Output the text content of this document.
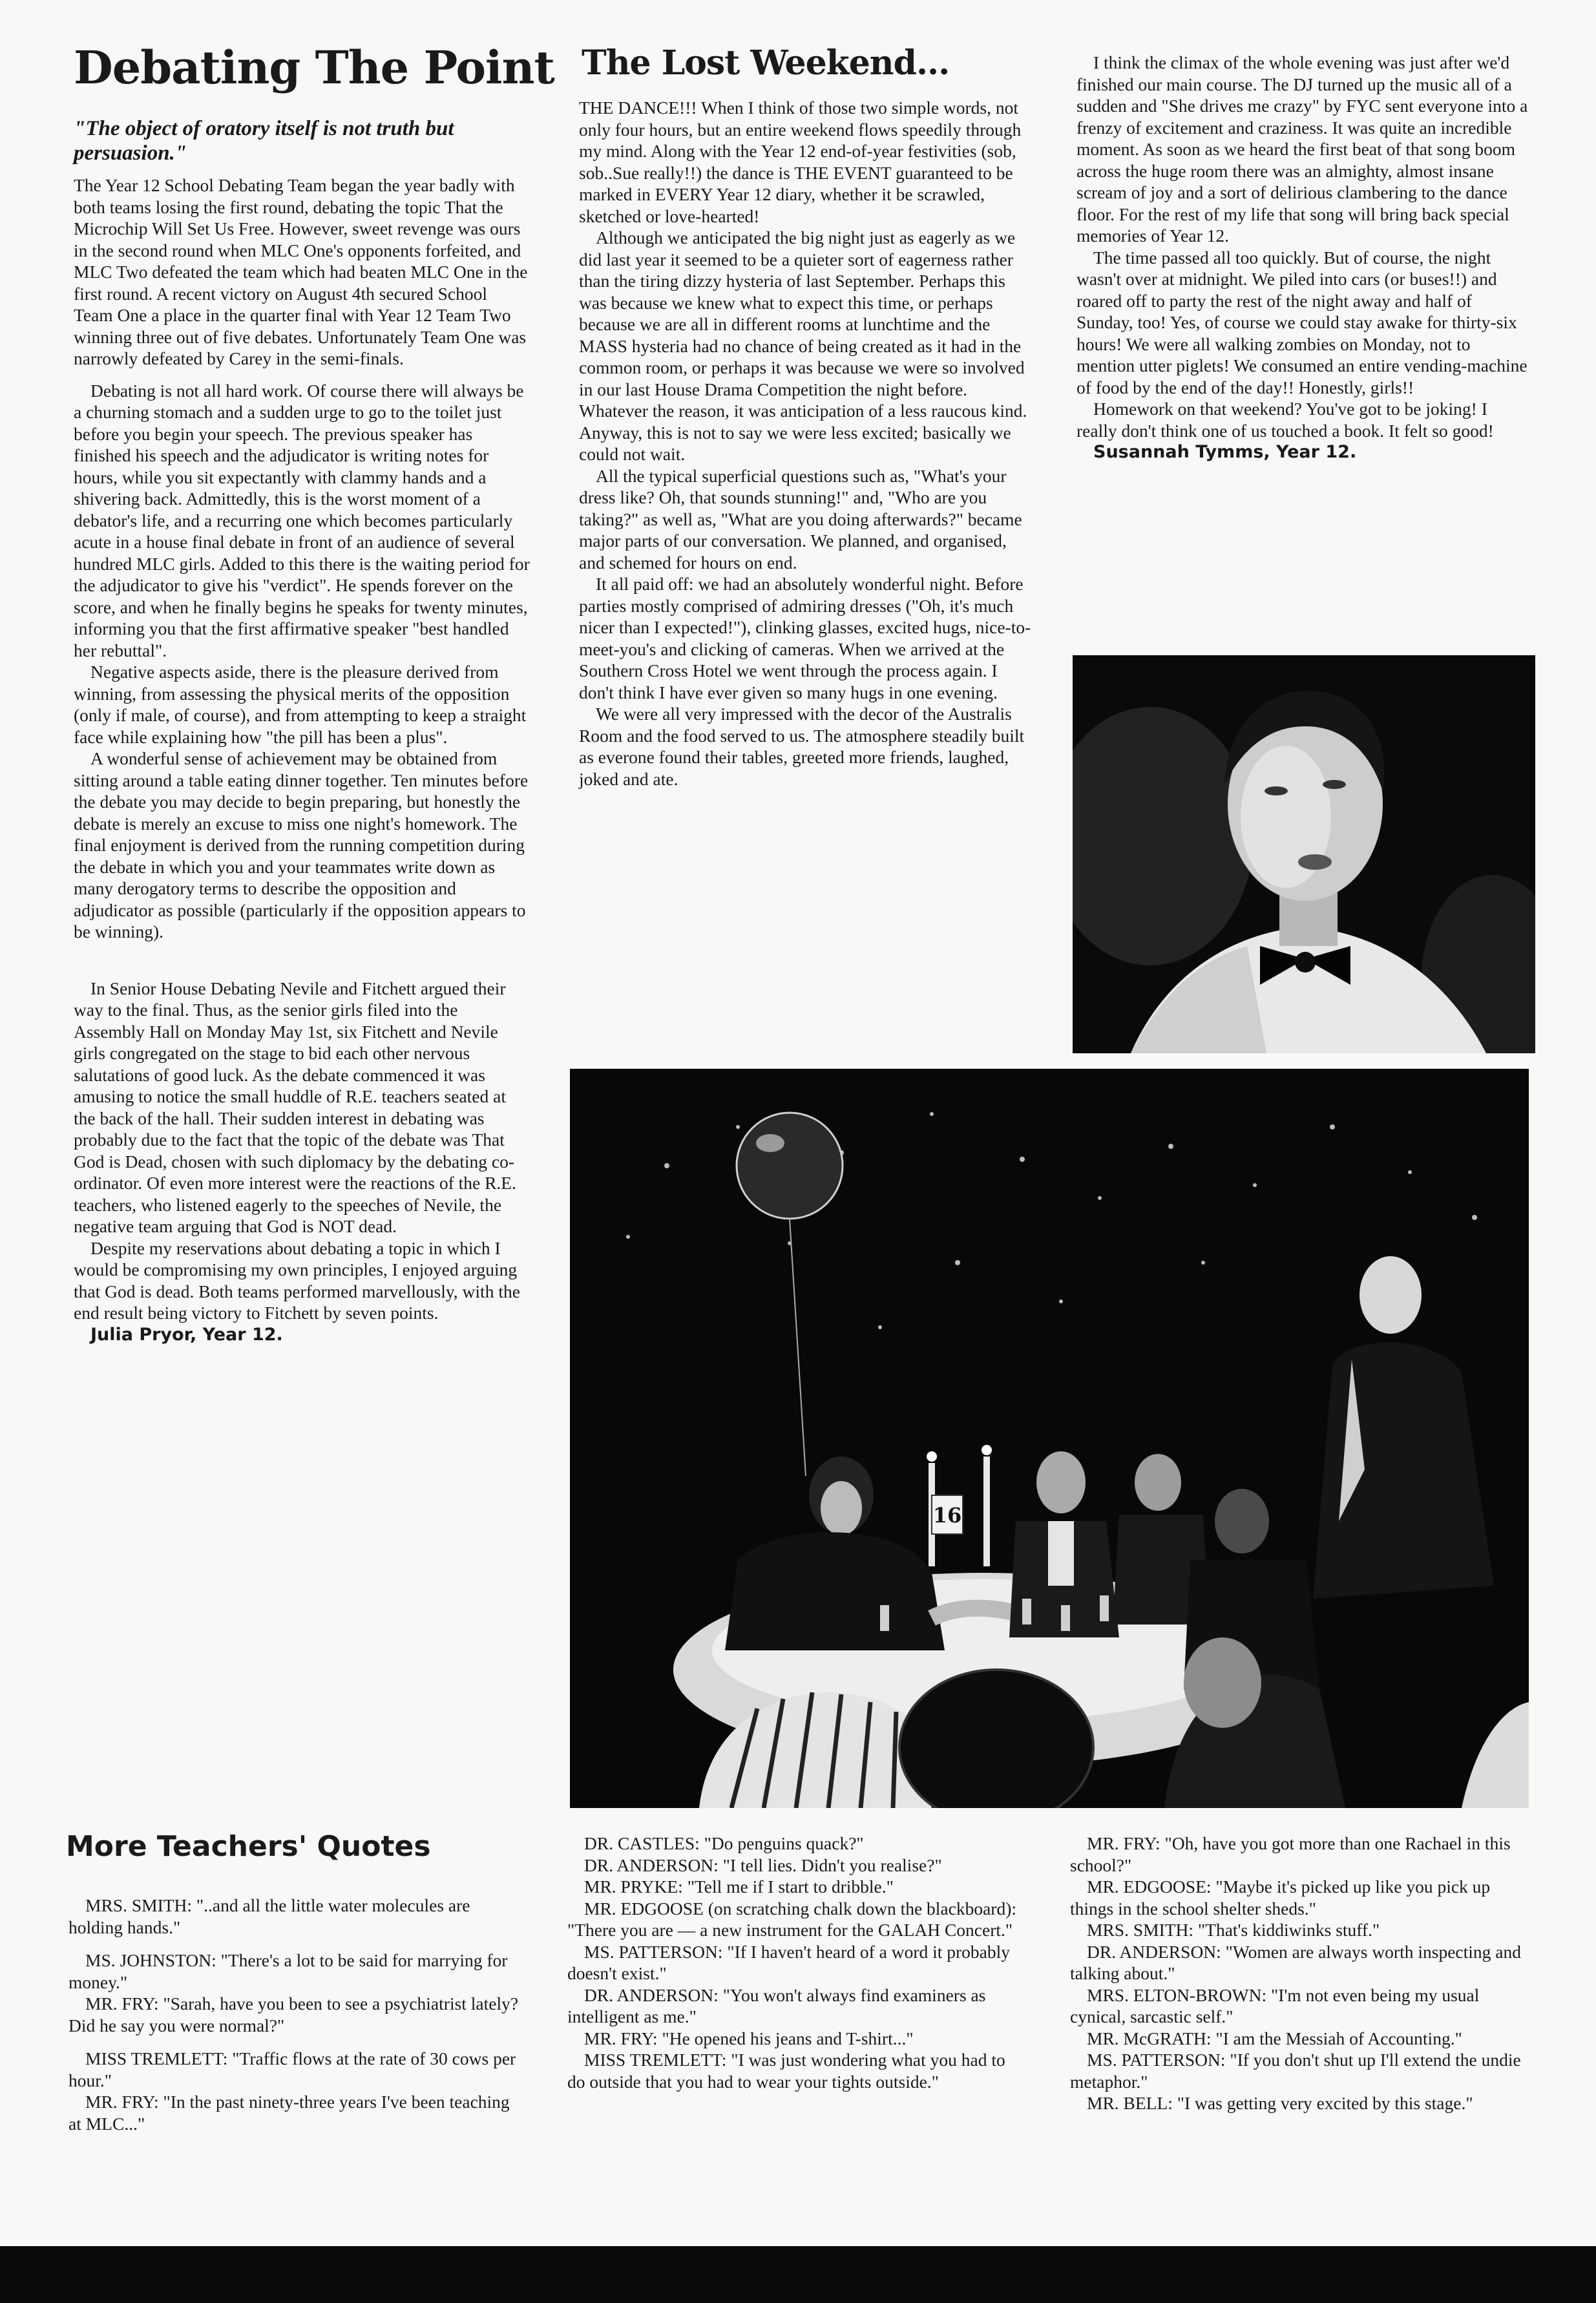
Debating The Point

"The object of oratory itself is not truth but persuasion."

The Year 12 School Debating Team began the year badly with both teams losing the first round, debating the topic That the Microchip Will Set Us Free. However, sweet revenge was ours in the second round when MLC One's opponents forfeited, and MLC Two defeated the team which had beaten MLC One in the first round. A recent victory on August 4th secured School Team One a place in the quarter final with Year 12 Team Two winning three out of five debates. Unfortunately Team One was narrowly defeated by Carey in the semi-finals.

Debating is not all hard work. Of course there will always be a churning stomach and a sudden urge to go to the toilet just before you begin your speech. The previous speaker has finished his speech and the adjudicator is writing notes for hours, while you sit expectantly with clammy hands and a shivering back. Admittedly, this is the worst moment of a debator's life, and a recurring one which becomes particularly acute in a house final debate in front of an audience of several hundred MLC girls. Added to this there is the waiting period for the adjudicator to give his "verdict". He spends forever on the score, and when he finally begins he speaks for twenty minutes, informing you that the first affirmative speaker "best handled her rebuttal".

Negative aspects aside, there is the pleasure derived from winning, from assessing the physical merits of the opposition (only if male, of course), and from attempting to keep a straight face while explaining how "the pill has been a plus".

A wonderful sense of achievement may be obtained from sitting around a table eating dinner together. Ten minutes before the debate you may decide to begin preparing, but honestly the debate is merely an excuse to miss one night's homework. The final enjoyment is derived from the running competition during the debate in which you and your teammates write down as many derogatory terms to describe the opposition and adjudicator as possible (particularly if the opposition appears to be winning).

In Senior House Debating Nevile and Fitchett argued their way to the final. Thus, as the senior girls filed into the Assembly Hall on Monday May 1st, six Fitchett and Nevile girls congregated on the stage to bid each other nervous salutations of good luck. As the debate commenced it was amusing to notice the small huddle of R.E. teachers seated at the back of the hall. Their sudden interest in debating was probably due to the fact that the topic of the debate was That God is Dead, chosen with such diplomacy by the debating co-ordinator. Of even more interest were the reactions of the R.E. teachers, who listened eagerly to the speeches of Nevile, the negative team arguing that God is NOT dead.

Despite my reservations about debating a topic in which I would be compromising my own principles, I enjoyed arguing that God is dead. Both teams performed marvellously, with the end result being victory to Fitchett by seven points.

Julia Pryor, Year 12.

The Lost Weekend...

THE DANCE!!! When I think of those two simple words, not only four hours, but an entire weekend flows speedily through my mind. Along with the Year 12 end-of-year festivities (sob, sob..Sue really!!) the dance is THE EVENT guaranteed to be marked in EVERY Year 12 diary, whether it be scrawled, sketched or love-hearted!

Although we anticipated the big night just as eagerly as we did last year it seemed to be a quieter sort of eagerness rather than the tiring dizzy hysteria of last September. Perhaps this was because we knew what to expect this time, or perhaps because we are all in different rooms at lunchtime and the MASS hysteria had no chance of being created as it had in the common room, or perhaps it was because we were so involved in our last House Drama Competition the night before. Whatever the reason, it was anticipation of a less raucous kind. Anyway, this is not to say we were less excited; basically we could not wait.

All the typical superficial questions such as, "What's your dress like? Oh, that sounds stunning!" and, "Who are you taking?" as well as, "What are you doing afterwards?" became major parts of our conversation. We planned, and organised, and schemed for hours on end.

It all paid off: we had an absolutely wonderful night. Before parties mostly comprised of admiring dresses ("Oh, it's much nicer than I expected!"), clinking glasses, excited hugs, nice-to-meet-you's and clicking of cameras. When we arrived at the Southern Cross Hotel we went through the process again. I don't think I have ever given so many hugs in one evening.

We were all very impressed with the decor of the Australis Room and the food served to us. The atmosphere steadily built as everone found their tables, greeted more friends, laughed, joked and ate.

I think the climax of the whole evening was just after we'd finished our main course. The DJ turned up the music all of a sudden and "She drives me crazy" by FYC sent everyone into a frenzy of excitement and craziness. It was quite an incredible moment. As soon as we heard the first beat of that song boom across the huge room there was an almighty, almost insane scream of joy and a sort of delirious clambering to the dance floor. For the rest of my life that song will bring back special memories of Year 12.

The time passed all too quickly. But of course, the night wasn't over at midnight. We piled into cars (or buses!!) and roared off to party the rest of the night away and half of Sunday, too! Yes, of course we could stay awake for thirty-six hours! We were all walking zombies on Monday, not to mention utter piglets! We consumed an entire vending-machine of food by the end of the day!! Honestly, girls!!

Homework on that weekend? You've got to be joking! I really don't think one of us touched a book. It felt so good!

Susannah Tymms, Year 12.

16
More Teachers' Quotes

MRS. SMITH: "..and all the little water molecules are holding hands."

MS. JOHNSTON: "There's a lot to be said for marrying for money."

MR. FRY: "Sarah, have you been to see a psychiatrist lately? Did he say you were normal?"

MISS TREMLETT: "Traffic flows at the rate of 30 cows per hour."

MR. FRY: "In the past ninety-three years I've been teaching at MLC..."

DR. CASTLES: "Do penguins quack?"

DR. ANDERSON: "I tell lies. Didn't you realise?"

MR. PRYKE: "Tell me if I start to dribble."

MR. EDGOOSE (on scratching chalk down the blackboard): "There you are — a new instrument for the GALAH Concert."

MS. PATTERSON: "If I haven't heard of a word it probably doesn't exist."

DR. ANDERSON: "You won't always find examiners as intelligent as me."

MR. FRY: "He opened his jeans and T-shirt..."

MISS TREMLETT: "I was just wondering what you had to do outside that you had to wear your tights outside."

MR. FRY: "Oh, have you got more than one Rachael in this school?"

MR. EDGOOSE: "Maybe it's picked up like you pick up things in the school shelter sheds."

MRS. SMITH: "That's kiddiwinks stuff."

DR. ANDERSON: "Women are always worth inspecting and talking about."

MRS. ELTON-BROWN: "I'm not even being my usual cynical, sarcastic self."

MR. McGRATH: "I am the Messiah of Accounting."

MS. PATTERSON: "If you don't shut up I'll extend the undie metaphor."

MR. BELL: "I was getting very excited by this stage."
